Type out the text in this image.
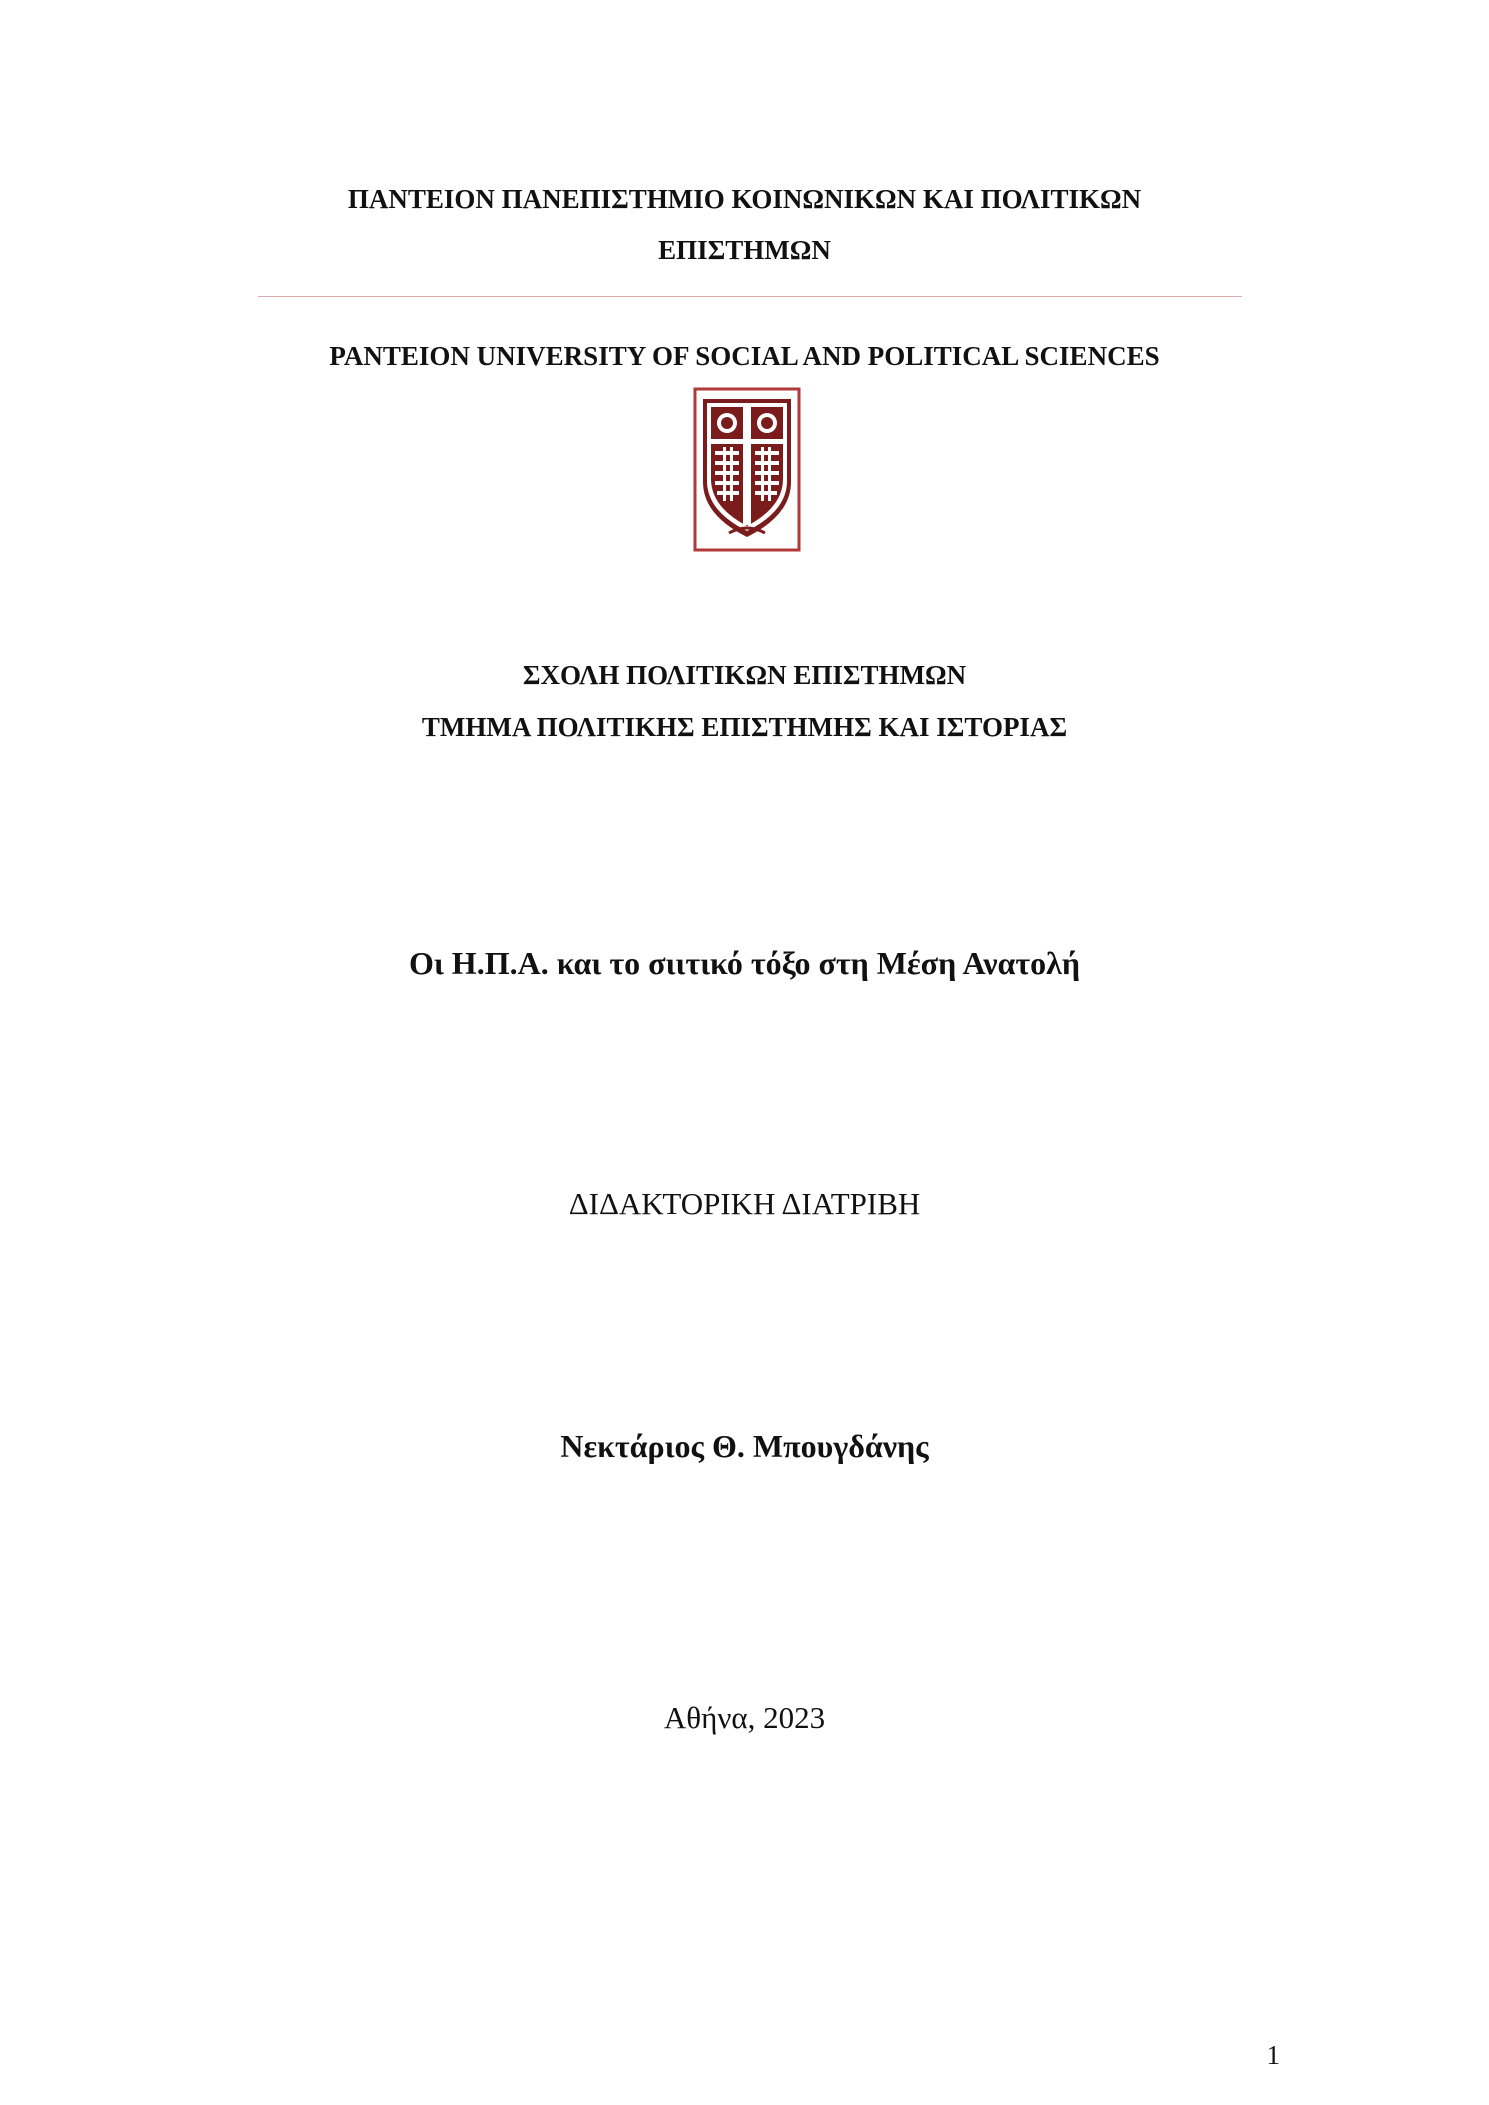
ΠΑΝΤΕΙΟΝ ΠΑΝΕΠΙΣΤΗΜΙΟ ΚΟΙΝΩΝΙΚΩΝ ΚΑΙ ΠΟΛΙΤΙΚΩΝ
ΕΠΙΣΤΗΜΩΝ
PANTEION UNIVERSITY OF SOCIAL AND POLITICAL SCIENCES
ΣΧΟΛΗ ΠΟΛΙΤΙΚΩΝ ΕΠΙΣΤΗΜΩΝ
ΤΜΗΜΑ ΠΟΛΙΤΙΚΗΣ ΕΠΙΣΤΗΜΗΣ ΚΑΙ ΙΣΤΟΡΙΑΣ
Οι Η.Π.Α. και το σιιτικό τόξο στη Μέση Ανατολή
ΔΙΔΑΚΤΟΡΙΚΗ ΔΙΑΤΡΙΒΗ
Νεκτάριος Θ. Μπουγδάνης
Αθήνα, 2023
1
